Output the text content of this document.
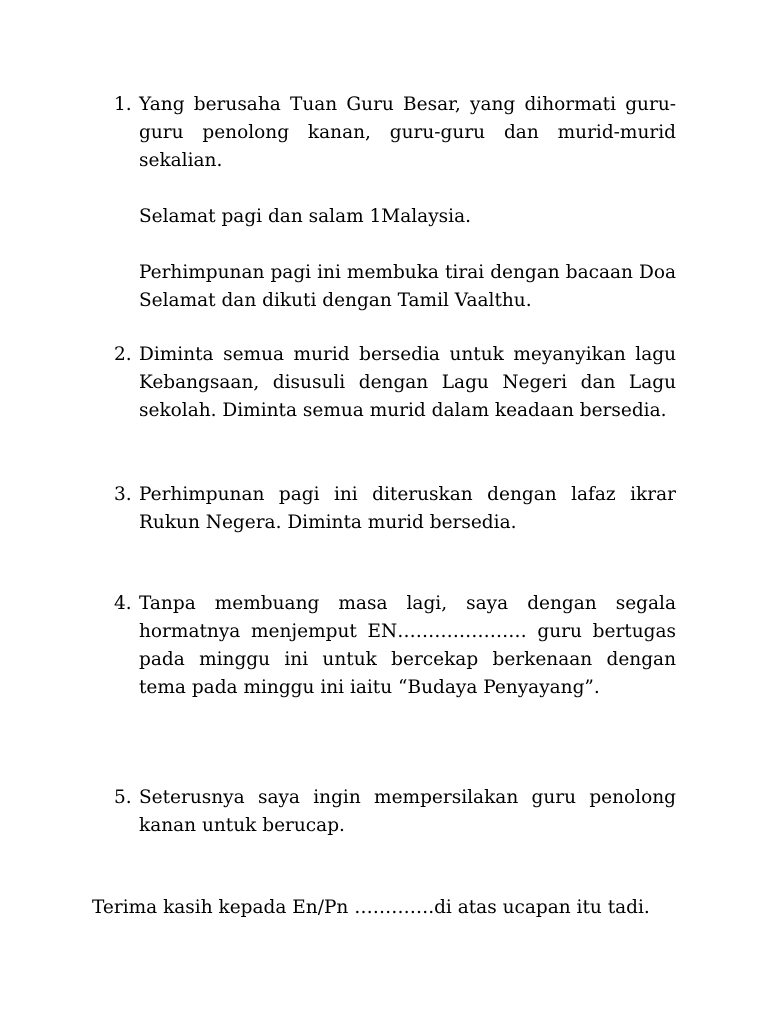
1. Yang berusaha Tuan Guru Besar, yang dihormati guru-guru penolong kanan, guru-guru dan murid-murid sekalian.

Selamat pagi dan salam 1Malaysia.

Perhimpunan pagi ini membuka tirai dengan bacaan Doa Selamat dan dikuti dengan Tamil Vaalthu.

2. Diminta semua murid bersedia untuk meyanyikan lagu Kebangsaan, disusuli dengan Lagu Negeri dan Lagu sekolah. Diminta semua murid dalam keadaan bersedia.

3. Perhimpunan pagi ini diteruskan dengan lafaz ikrar Rukun Negera. Diminta murid bersedia.

4. Tanpa membuang masa lagi, saya dengan segala hormatnya menjemput EN………………… guru bertugas pada minggu ini untuk bercekap berkenaan dengan tema pada minggu ini iaitu “Budaya Penyayang”.

5. Seterusnya saya ingin mempersilakan guru penolong kanan untuk berucap.

Terima kasih kepada En/Pn ………….di atas ucapan itu tadi.
